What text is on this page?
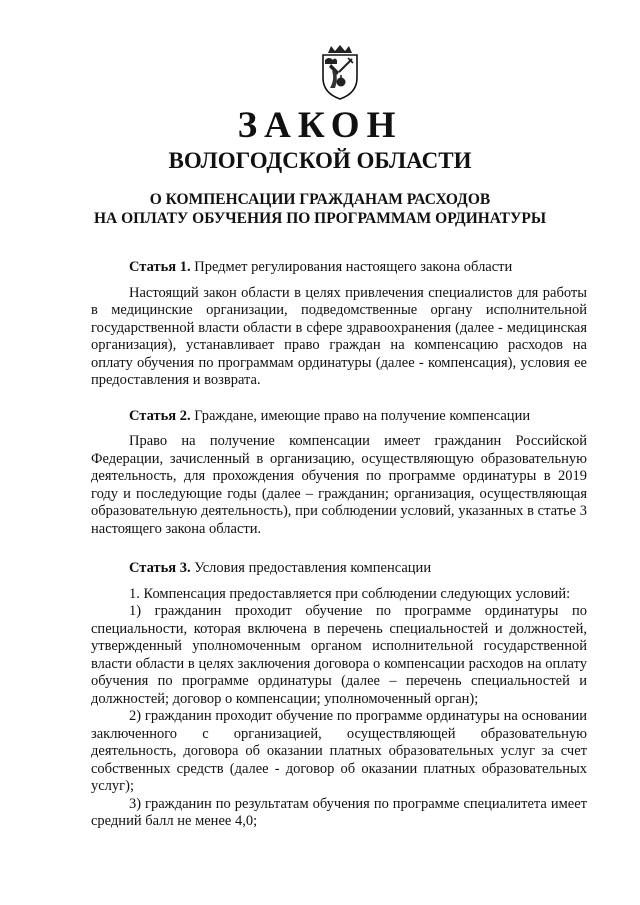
ЗАКОН
ВОЛОГОДСКОЙ ОБЛАСТИ
О КОМПЕНСАЦИИ ГРАЖДАНАМ РАСХОДОВ
НА ОПЛАТУ ОБУЧЕНИЯ ПО ПРОГРАММАМ ОРДИНАТУРЫ

Статья 1. Предмет регулирования настоящего закона области

Настоящий закон области в целях привлечения специалистов для работы в медицинские организации, подведомственные органу исполнительной государственной власти области в сфере здравоохранения (далее - медицинская организация), устанавливает право граждан на компенсацию расходов на оплату обучения по программам ординатуры (далее - компенсация), условия ее предоставления и возврата.

Статья 2. Граждане, имеющие право на получение компенсации

Право на получение компенсации имеет гражданин Российской Федерации, зачисленный в организацию, осуществляющую образовательную деятельность, для прохождения обучения по программе ординатуры в 2019 году и последующие годы (далее – гражданин; организация, осуществляющая образовательную деятельность), при соблюдении условий, указанных в статье 3 настоящего закона области.

Статья 3. Условия предоставления компенсации

1. Компенсация предоставляется при соблюдении следующих условий:

1) гражданин проходит обучение по программе ординатуры по специальности, которая включена в перечень специальностей и должностей, утвержденный уполномоченным органом исполнительной государственной власти области в целях заключения договора о компенсации расходов на оплату обучения по программе ординатуры (далее – перечень специальностей и должностей; договор о компенсации; уполномоченный орган);

2) гражданин проходит обучение по программе ординатуры на основании заключенного с организацией, осуществляющей образовательную деятельность, договора об оказании платных образовательных услуг за счет собственных средств (далее - договор об оказании платных образовательных услуг);

3) гражданин по результатам обучения по программе специалитета имеет средний балл не менее 4,0;
